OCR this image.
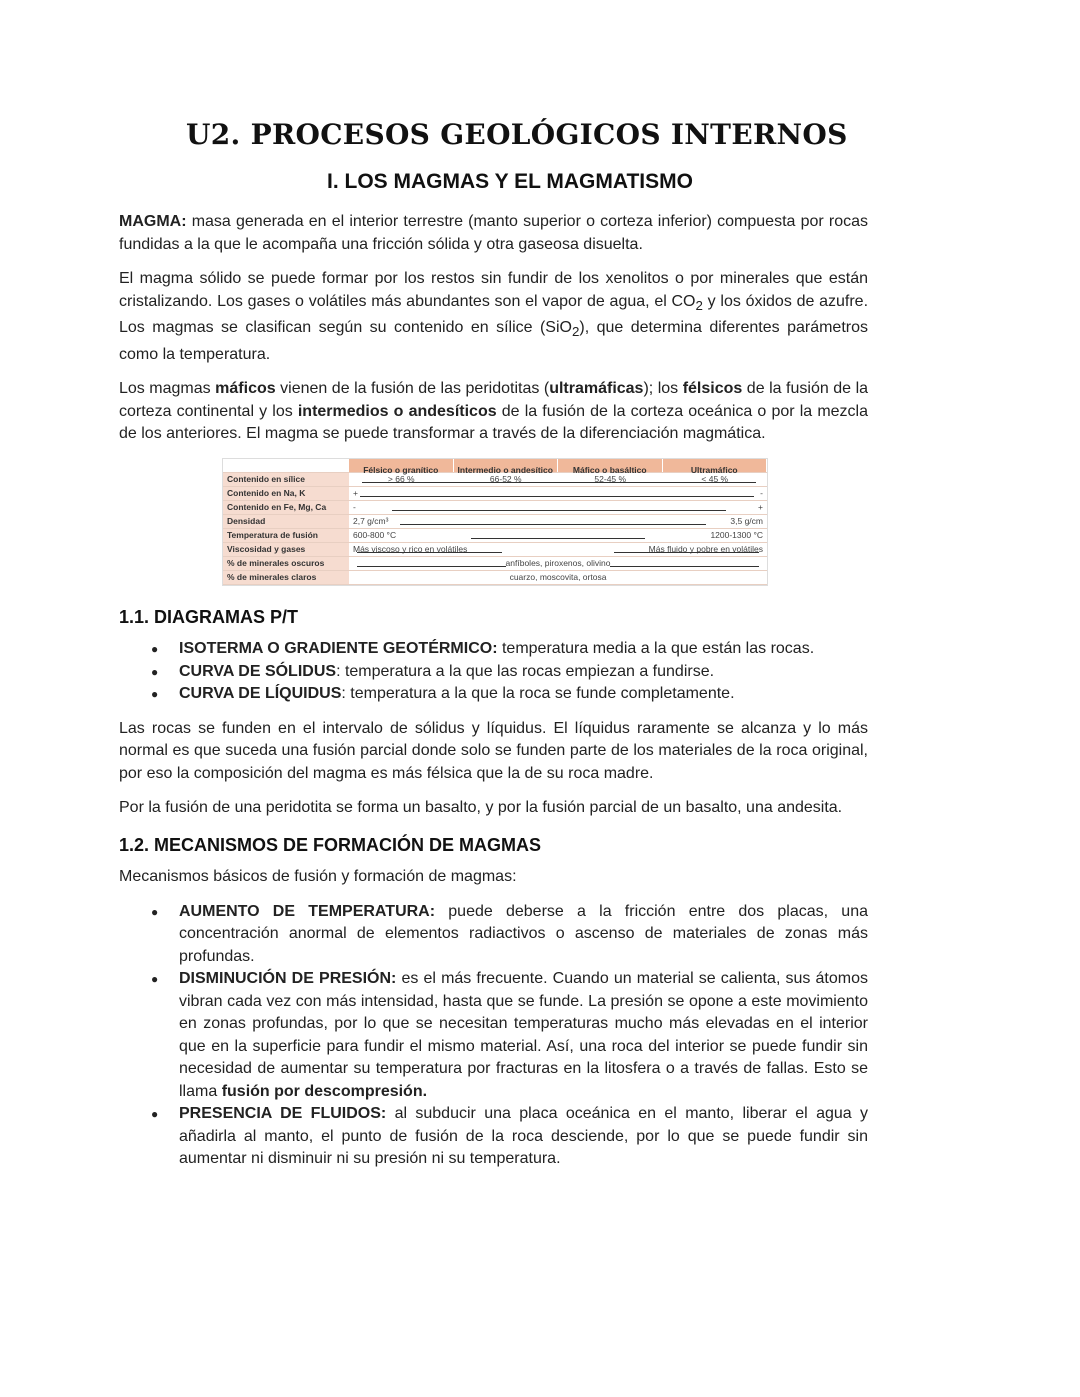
U2. PROCESOS GEOLÓGICOS INTERNOS
I. LOS MAGMAS Y EL MAGMATISMO

MAGMA: masa generada en el interior terrestre (manto superior o corteza inferior) compuesta por rocas fundidas a la que le acompaña una fricción sólida y otra gaseosa disuelta.

El magma sólido se puede formar por los restos sin fundir de los xenolitos o por minerales que están cristalizando. Los gases o volátiles más abundantes son el vapor de agua, el $CO_2$ y los óxidos de azufre. Los magmas se clasifican según su contenido en sílice (SiO$_2$), que determina diferentes parámetros como la temperatura.

Los magmas máficos vienen de la fusión de las peridotitas (ultramáficas); los félsicos de la fusión de la corteza continental y los intermedios o andesíticos de la fusión de la corteza oceánica o por la mezcla de los anteriores. El magma se puede transformar a través de la diferenciación magmática.

Félsico o granítico	Intermedio o andesítico	Máfico o basáltico	Ultramáfico
Contenido en sílice	> 66 %	66-52 %	52-45 %	< 45 %
Contenido en Na, K	+	-
Contenido en Fe, Mg, Ca	-	+
Densidad	2,7 g/cm³	3,5 g/cm
Temperatura de fusión	600-800 °C	1200-1300 °C
Viscosidad y gases	Más viscoso y rico en volátiles	Más fluido y pobre en volátiles
% de minerales oscuros	anfíboles, piroxenos, olivino
% de minerales claros	cuarzo, moscovita, ortosa
1.1. DIAGRAMAS P/T
● ISOTERMA O GRADIENTE GEOTÉRMICO: temperatura media a la que están las rocas.
● CURVA DE SÓLIDUS: temperatura a la que las rocas empiezan a fundirse.
● CURVA DE LÍQUIDUS: temperatura a la que la roca se funde completamente.

Las rocas se funden en el intervalo de sólidus y líquidus. El líquidus raramente se alcanza y lo más normal es que suceda una fusión parcial donde solo se funden parte de los materiales de la roca original, por eso la composición del magma es más félsica que la de su roca madre.

Por la fusión de una peridotita se forma un basalto, y por la fusión parcial de un basalto, una andesita.

1.2. MECANISMOS DE FORMACIÓN DE MAGMAS

Mecanismos básicos de fusión y formación de magmas:

● AUMENTO DE TEMPERATURA: puede deberse a la fricción entre dos placas, una concentración anormal de elementos radiactivos o ascenso de materiales de zonas más profundas.
● DISMINUCIÓN DE PRESIÓN: es el más frecuente. Cuando un material se calienta, sus átomos vibran cada vez con más intensidad, hasta que se funde. La presión se opone a este movimiento en zonas profundas, por lo que se necesitan temperaturas mucho más elevadas en el interior que en la superficie para fundir el mismo material. Así, una roca del interior se puede fundir sin necesidad de aumentar su temperatura por fracturas en la litosfera o a través de fallas. Esto se llama fusión por descompresión.
● PRESENCIA DE FLUIDOS: al subducir una placa oceánica en el manto, liberar el agua y añadirla al manto, el punto de fusión de la roca desciende, por lo que se puede fundir sin aumentar ni disminuir ni su presión ni su temperatura.
